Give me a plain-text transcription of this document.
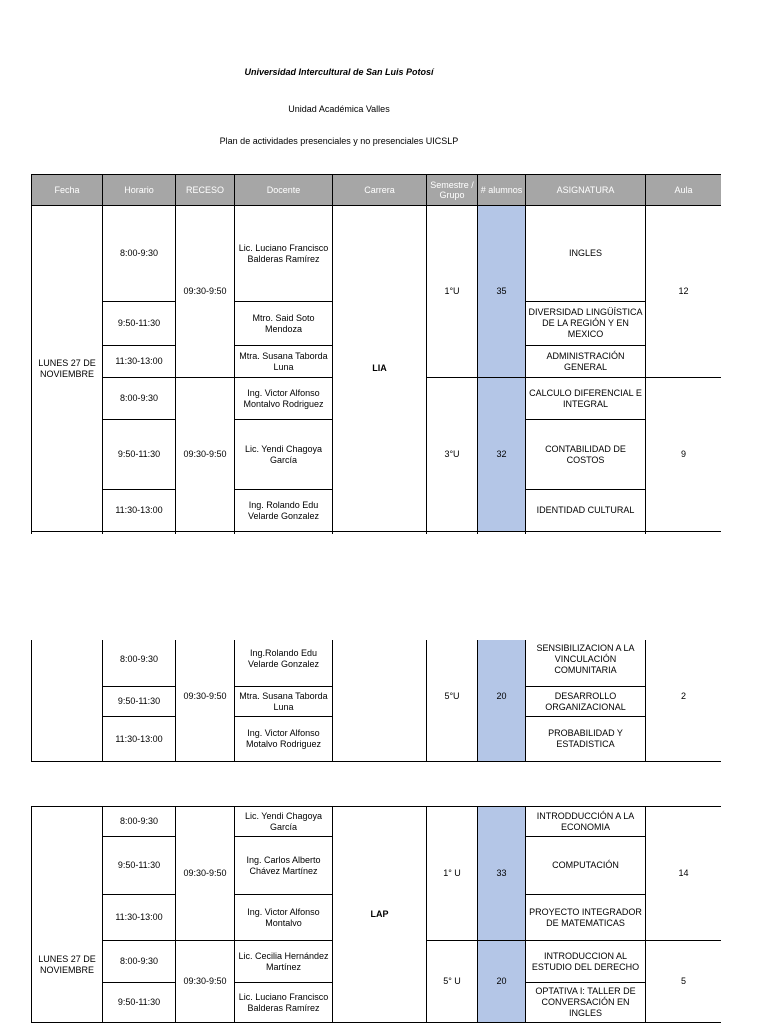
Universidad Intercultural de San Luis Potosí
Unidad Académica Valles
Plan de actividades presenciales y no presenciales UICSLP
Fecha	Horario	RECESO	Docente	Carrera	Semestre / Grupo	# alumnos	ASIGNATURA	Aula
LUNES 27 DE NOVIEMBRE	8:00-9:30	09:30-9:50	Lic. Luciano Francisco Balderas Ramírez	LIA	1°U	35	INGLES	12
	9:50-11:30		Mtro. Said Soto Mendoza				DIVERSIDAD LINGÜÍSTICA DE LA REGIÓN Y EN MEXICO	
	11:30-13:00		Mtra. Susana Taborda Luna				ADMINISTRACIÓN GENERAL	
	8:00-9:30	09:30-9:50	Ing. Victor Alfonso Montalvo Rodriguez		3°U	32	CALCULO DIFERENCIAL E INTEGRAL	9
	9:50-11:30		Lic. Yendi Chagoya García				CONTABILIDAD DE COSTOS	
	11:30-13:00		Ing. Rolando Edu Velarde Gonzalez				IDENTIDAD CULTURAL	

	8:00-9:30	09:30-9:50	Ing.Rolando Edu Velarde Gonzalez		5°U	20	SENSIBILIZACION A LA VINCULACIÓN COMUNITARIA	2
	9:50-11:30		Mtra. Susana Taborda Luna				DESARROLLO ORGANIZACIONAL	
	11:30-13:00		Ing. Victor Alfonso Motalvo Rodriguez				PROBABILIDAD Y ESTADISTICA	
LUNES 27 DE NOVIEMBRE	8:00-9:30	09:30-9:50	Lic. Yendi Chagoya García	LAP	1° U	33	INTRODDUCCIÓN A LA ECONOMIA	14
	9:50-11:30		Ing. Carlos Alberto Chávez Martínez				COMPUTACIÓN	
	11:30-13:00		Ing. Victor Alfonso Montalvo				PROYECTO INTEGRADOR DE MATEMATICAS	
	8:00-9:30	09:30-9:50	Lic. Cecilia Hernández Martínez		5° U	20	INTRODUCCION AL ESTUDIO DEL DERECHO	5
	9:50-11:30		Lic. Luciano Francisco Balderas Ramírez				OPTATIVA I: TALLER DE CONVERSACIÓN EN INGLES	
